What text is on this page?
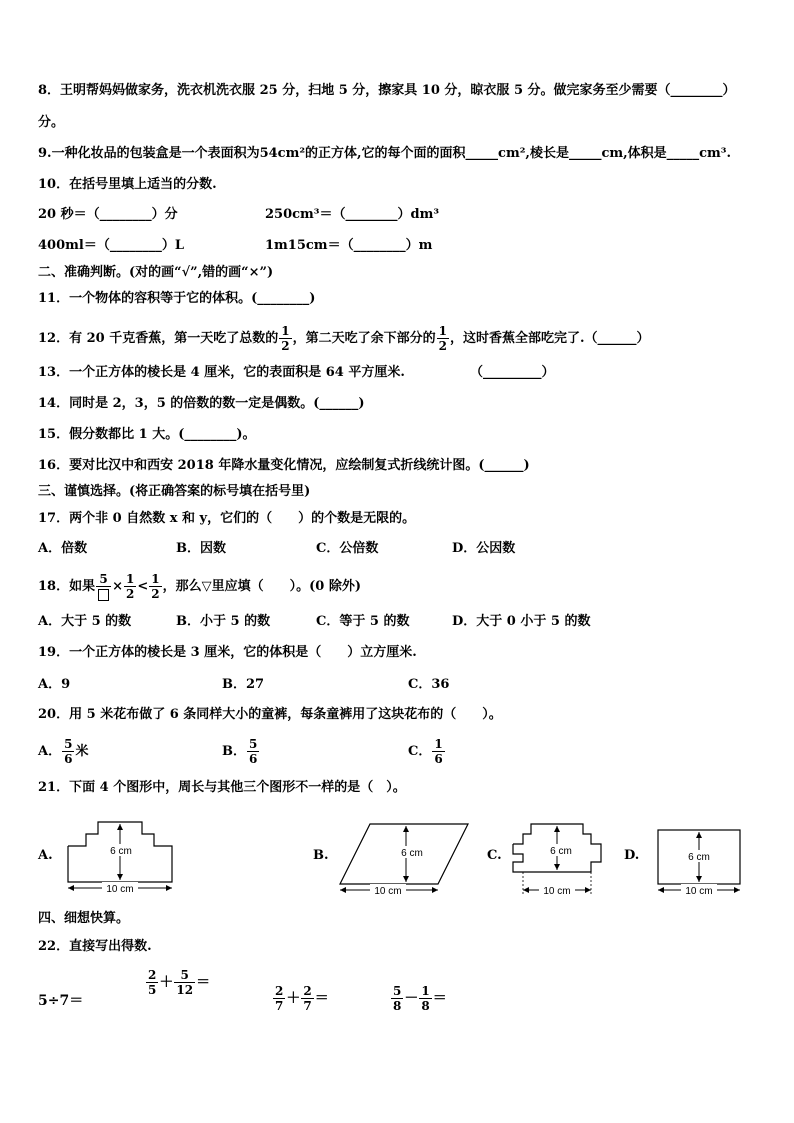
8．王明帮妈妈做家务，洗衣机洗衣服 25 分，扫地 5 分，擦家具 10 分，晾衣服 5 分。做完家务至少需要（________）
分。
9.一种化妆品的包装盒是一个表面积为54cm²的正方体,它的每个面的面积_____cm²,棱长是_____cm,体积是_____cm³.
10．在括号里填上适当的分数.
20 秒＝（________）分	250cm³＝（________）dm³
400ml＝（________）L	1m15cm＝（________）m
二、准确判断。(对的画“√”,错的画“×”)
11．一个物体的容积等于它的体积。(________)
12．有 20 千克香蕉，第一天吃了总数的 $\frac{1}{2}$ ，第二天吃了余下部分的 $\frac{1}{2}$ ，这时香蕉全部吃完了.（______）
13．一个正方体的棱长是 4 厘米，它的表面积是 64 平方厘米.	（_________）
14．同时是 2，3，5 的倍数的数一定是偶数。(______)
15．假分数都比 1 大。(________)。
16．要对比汉中和西安 2018 年降水量变化情况，应绘制复式折线统计图。(______)
三、谨慎选择。(将正确答案的标号填在括号里)
17．两个非 0 自然数 x 和 y，它们的（　　）的个数是无限的。
A．倍数	B．因数	C．公倍数	D．公因数
18．如果 $5 \times \frac{1}{2} < \frac{1}{2}$ ，那么▽里应填（　　）。(0 除外)
A．大于 5 的数	B．小于 5 的数	C．等于 5 的数	D．大于 0 小于 5 的数
19．一个正方体的棱长是 3 厘米，它的体积是（　　）立方厘米.
A．9	B．27	C．36
20．用 5 米花布做了 6 条同样大小的童裤，每条童裤用了这块花布的（　　）。
A． $\frac{5}{6}$ 米	B． $\frac{5}{6}$	C． $\frac{1}{6}$
21．下面 4 个图形中，周长与其他三个图形不一样的是（　）。
A.	6 cm
10 cm
B.	6 cm
10 cm
C.	6 cm
10 cm
D.	6 cm
10 cm
四、细想快算。
22．直接写出得数.
5÷7＝
$\frac{2}{5} + \frac{5}{12}$ ＝
$\frac{2}{7} + \frac{2}{7}$ ＝	$\frac{5}{8} - \frac{1}{8}$ ＝
